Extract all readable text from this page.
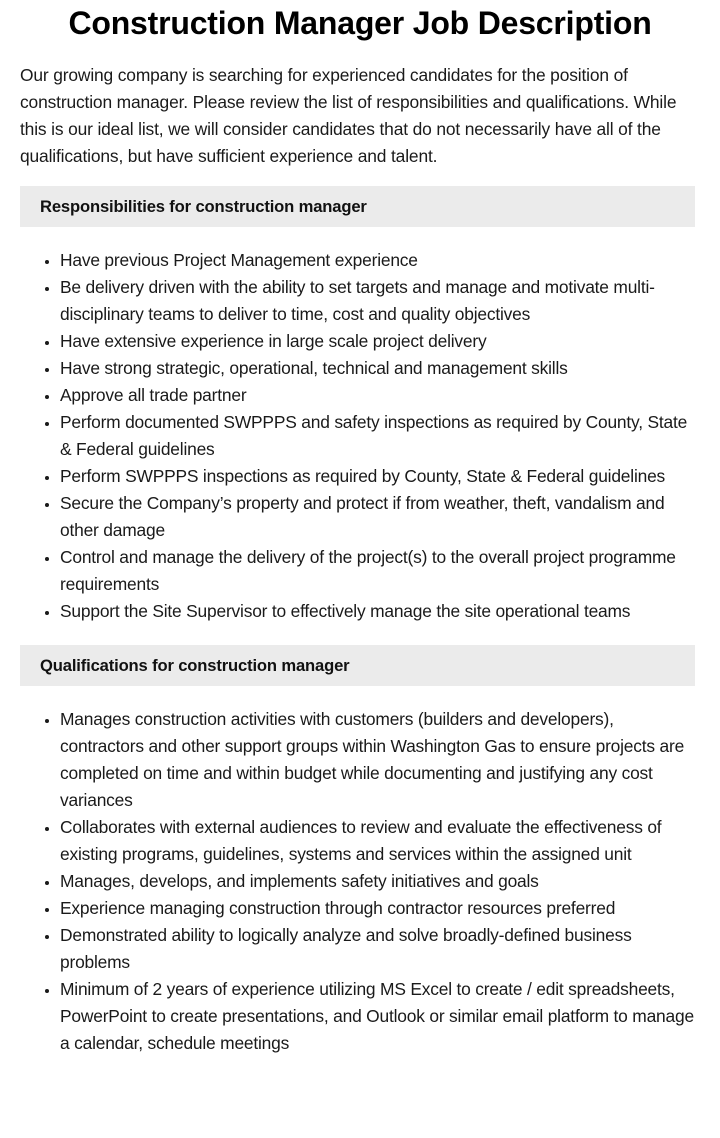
Construction Manager Job Description

Our growing company is searching for experienced candidates for the position of construction manager. Please review the list of responsibilities and qualifications. While this is our ideal list, we will consider candidates that do not necessarily have all of the qualifications, but have sufficient experience and talent.

Responsibilities for construction manager
• Have previous Project Management experience
• Be delivery driven with the ability to set targets and manage and motivate multi-disciplinary teams to deliver to time, cost and quality objectives
• Have extensive experience in large scale project delivery
• Have strong strategic, operational, technical and management skills
• Approve all trade partner
• Perform documented SWPPPS and safety inspections as required by County, State & Federal guidelines
• Perform SWPPPS inspections as required by County, State & Federal guidelines
• Secure the Company’s property and protect if from weather, theft, vandalism and other damage
• Control and manage the delivery of the project(s) to the overall project programme requirements
• Support the Site Supervisor to effectively manage the site operational teams
Qualifications for construction manager
• Manages construction activities with customers (builders and developers), contractors and other support groups within Washington Gas to ensure projects are completed on time and within budget while documenting and justifying any cost variances
• Collaborates with external audiences to review and evaluate the effectiveness of existing programs, guidelines, systems and services within the assigned unit
• Manages, develops, and implements safety initiatives and goals
• Experience managing construction through contractor resources preferred
• Demonstrated ability to logically analyze and solve broadly-defined business problems
• Minimum of 2 years of experience utilizing MS Excel to create / edit spreadsheets, PowerPoint to create presentations, and Outlook or similar email platform to manage a calendar, schedule meetings
